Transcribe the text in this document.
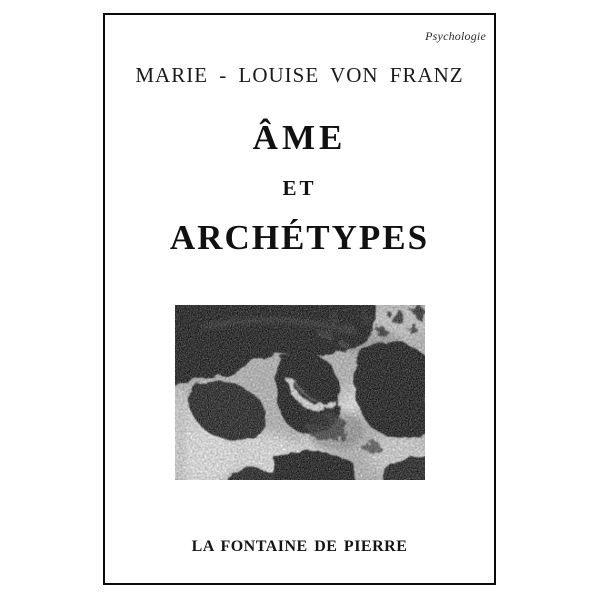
Psychologie
MARIE - LOUISE VON FRANZ
ÂME
ET
ARCHÉTYPES
LA FONTAINE DE PIERRE
